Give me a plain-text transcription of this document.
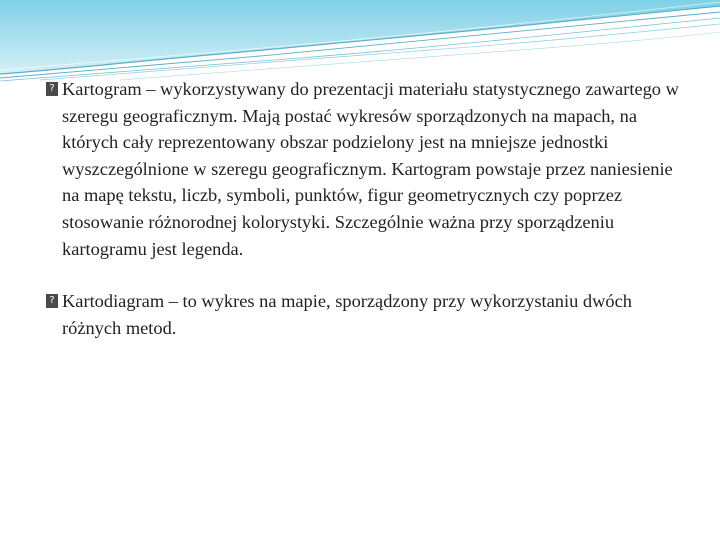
?
Kartogram – wykorzystywany do prezentacji materiału statystycznego zawartego w szeregu geograficznym. Mają postać wykresów sporządzonych na mapach, na których cały reprezentowany obszar podzielony jest na mniejsze jednostki wyszczególnione w szeregu geograficznym. Kartogram powstaje przez naniesienie na mapę tekstu, liczb, symboli, punktów, figur geometrycznych czy poprzez stosowanie różnorodnej kolorystyki. Szczególnie ważna przy sporządzeniu kartogramu jest legenda.
?
Kartodiagram – to wykres na mapie, sporządzony przy wykorzystaniu dwóch różnych metod.
